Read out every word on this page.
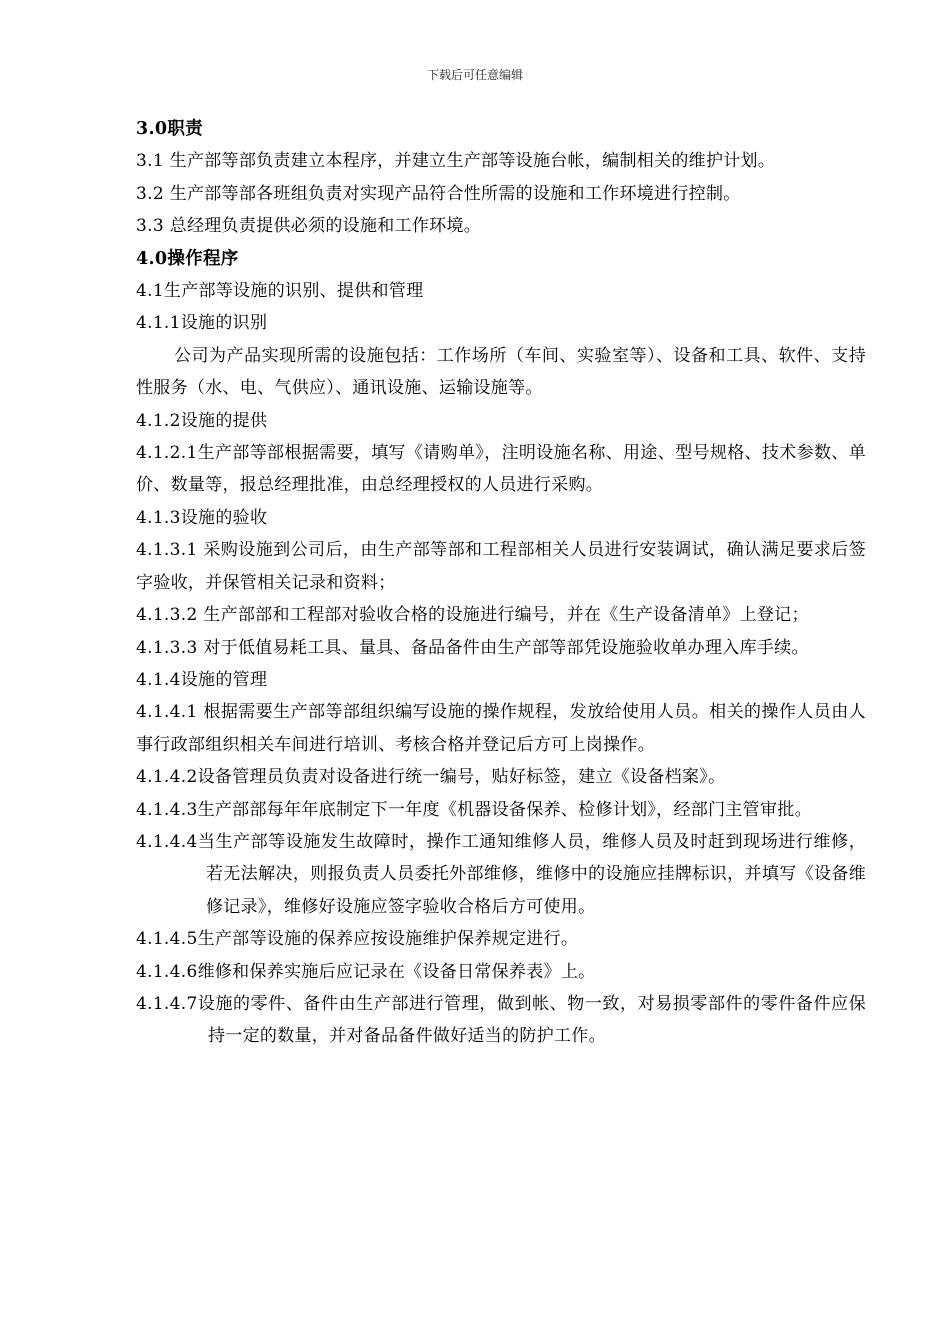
下载后可任意编辑

3.0职责

3.1 生产部等部负责建立本程序，并建立生产部等设施台帐，编制相关的维护计划。

3.2 生产部等部各班组负责对实现产品符合性所需的设施和工作环境进行控制。

3.3 总经理负责提供必须的设施和工作环境。

4.0操作程序

4.1生产部等设施的识别、提供和管理

4.1.1设施的识别

公司为产品实现所需的设施包括：工作场所（车间、实验室等）、设备和工具、软件、支持性服务（水、电、气供应）、通讯设施、运输设施等。

4.1.2设施的提供

4.1.2.1生产部等部根据需要，填写《请购单》，注明设施名称、用途、型号规格、技术参数、单价、数量等，报总经理批准，由总经理授权的人员进行采购。

4.1.3设施的验收

4.1.3.1 采购设施到公司后，由生产部等部和工程部相关人员进行安装调试，确认满足要求后签字验收，并保管相关记录和资料；

4.1.3.2 生产部部和工程部对验收合格的设施进行编号，并在《生产设备清单》上登记；

4.1.3.3 对于低值易耗工具、量具、备品备件由生产部等部凭设施验收单办理入库手续。

4.1.4设施的管理

4.1.4.1 根据需要生产部等部组织编写设施的操作规程，发放给使用人员。相关的操作人员由人事行政部组织相关车间进行培训、考核合格并登记后方可上岗操作。

4.1.4.2设备管理员负责对设备进行统一编号，贴好标签，建立《设备档案》。

4.1.4.3生产部部每年年底制定下一年度《机器设备保养、检修计划》，经部门主管审批。

4.1.4.4当生产部等设施发生故障时，操作工通知维修人员，维修人员及时赶到现场进行维修，若无法解决，则报负责人员委托外部维修，维修中的设施应挂牌标识，并填写《设备维修记录》，维修好设施应签字验收合格后方可使用。

4.1.4.5生产部等设施的保养应按设施维护保养规定进行。

4.1.4.6维修和保养实施后应记录在《设备日常保养表》上。

4.1.4.7设施的零件、备件由生产部进行管理，做到帐、物一致，对易损零部件的零件备件应保持一定的数量，并对备品备件做好适当的防护工作。
